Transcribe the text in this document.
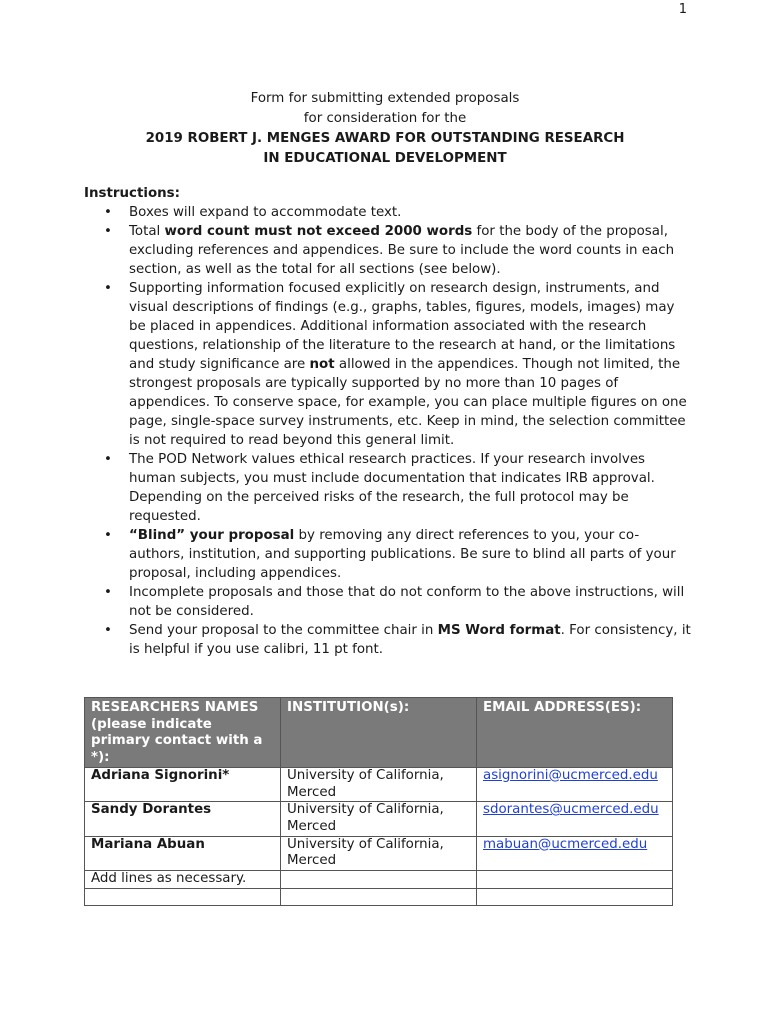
1
Form for submitting extended proposals
for consideration for the
2019 ROBERT J. MENGES AWARD FOR OUTSTANDING RESEARCH
IN EDUCATIONAL DEVELOPMENT
Instructions:
• Boxes will expand to accommodate text.
• Total word count must not exceed 2000 words for the body of the proposal, excluding references and appendices. Be sure to include the word counts in each section, as well as the total for all sections (see below).
• Supporting information focused explicitly on research design, instruments, and visual descriptions of findings (e.g., graphs, tables, figures, models, images) may be placed in appendices. Additional information associated with the research questions, relationship of the literature to the research at hand, or the limitations and study significance are not allowed in the appendices. Though not limited, the strongest proposals are typically supported by no more than 10 pages of appendices. To conserve space, for example, you can place multiple figures on one page, single-space survey instruments, etc. Keep in mind, the selection committee is not required to read beyond this general limit.
• The POD Network values ethical research practices. If your research involves human subjects, you must include documentation that indicates IRB approval. Depending on the perceived risks of the research, the full protocol may be requested.
• “Blind” your proposal by removing any direct references to you, your co-authors, institution, and supporting publications. Be sure to blind all parts of your proposal, including appendices.
• Incomplete proposals and those that do not conform to the above instructions, will not be considered.
• Send your proposal to the committee chair in MS Word format. For consistency, it is helpful if you use calibri, 11 pt font.
RESEARCHERS NAMES (please indicate primary contact with a *):	INSTITUTION(s):	EMAIL ADDRESS(ES):
Adriana Signorini*	University of California, Merced	asignorini@ucmerced.edu
Sandy Dorantes	University of California, Merced	sdorantes@ucmerced.edu
Mariana Abuan	University of California, Merced	mabuan@ucmerced.edu
Add lines as necessary.		
